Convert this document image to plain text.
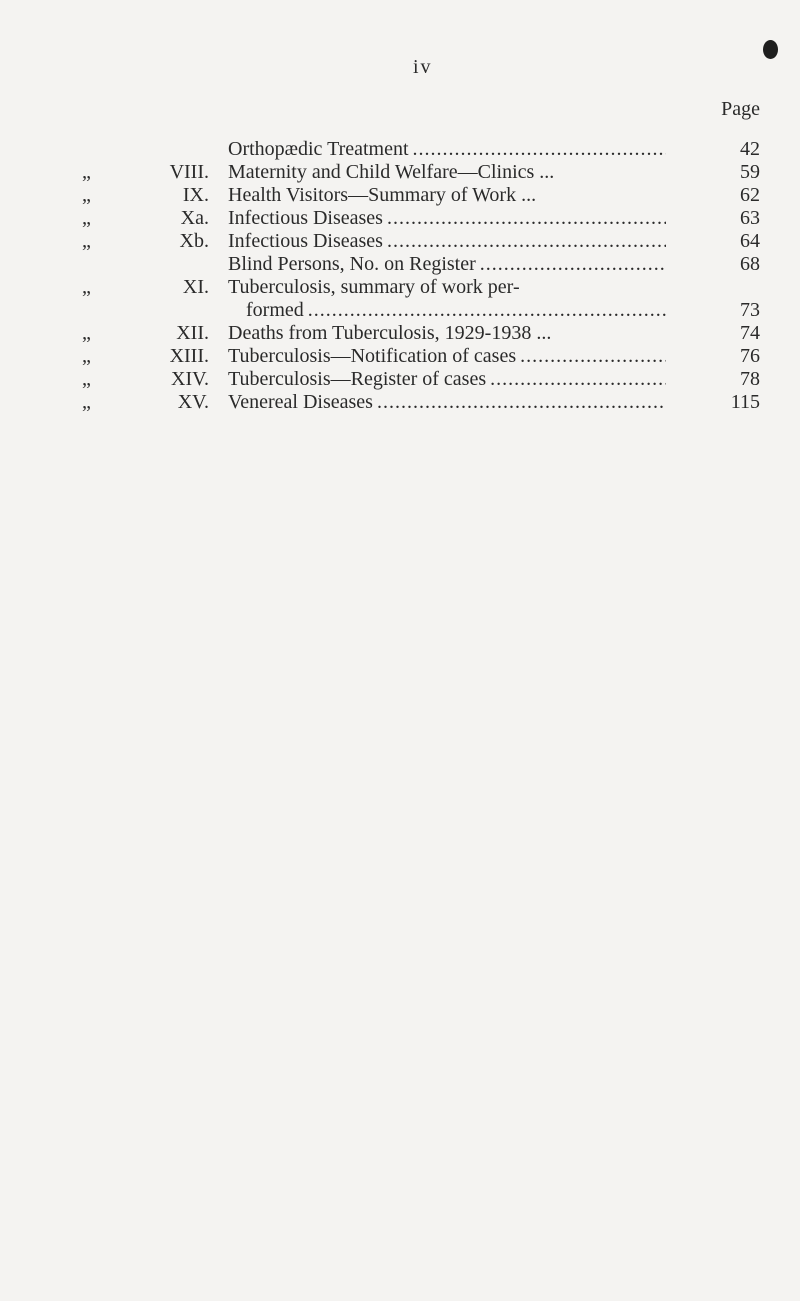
iv
Page
Orthopædic Treatment .....	42
„	VIII. Maternity and Child Welfare—Clinics ...	59
„	IX. Health Visitors—Summary of Work ...	62
„	Xa. Infectious Diseases .....	63
„	Xb. Infectious Diseases .....	64
Blind Persons, No. on Register .....	68
„	XI. Tuberculosis, summary of work per-
formed .....	73
„	XII. Deaths from Tuberculosis, 1929-1938 ...	74
„	XIII. Tuberculosis—Notification of cases .....	76
„	XIV. Tuberculosis—Register of cases .....	78
„	XV. Venereal Diseases .....	115
